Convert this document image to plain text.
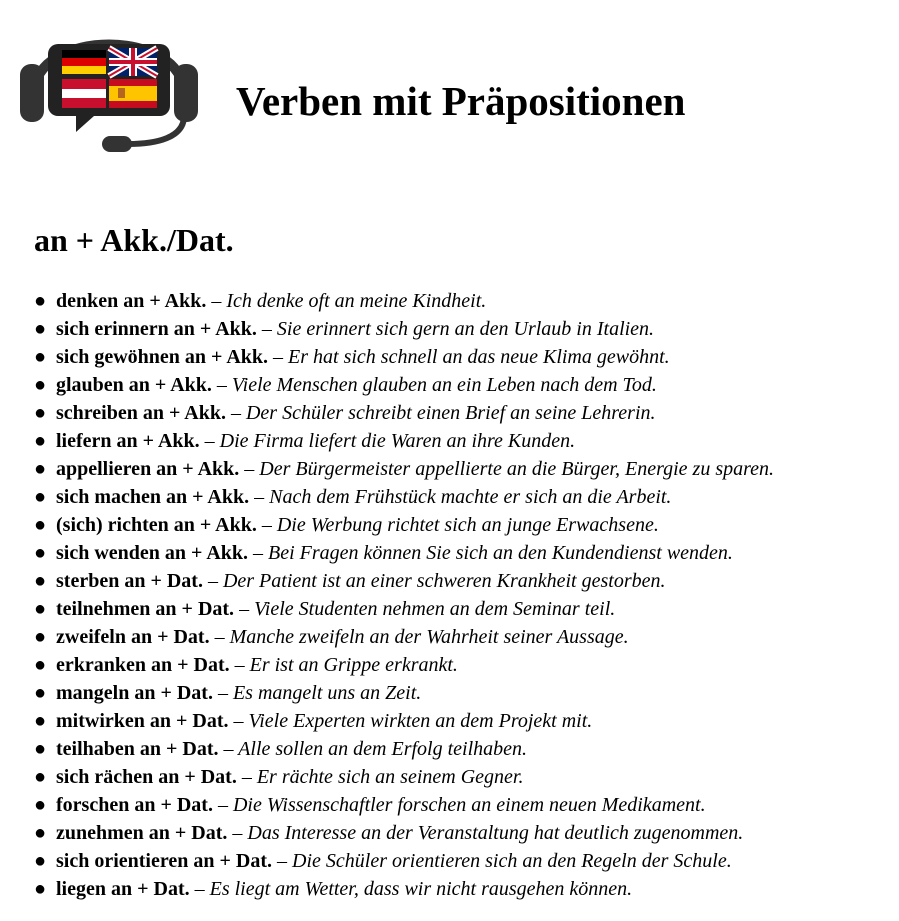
Verben mit Präpositionen
an + Akk./Dat.
● denken an + Akk. – Ich denke oft an meine Kindheit.
● sich erinnern an + Akk. – Sie erinnert sich gern an den Urlaub in Italien.
● sich gewöhnen an + Akk. – Er hat sich schnell an das neue Klima gewöhnt.
● glauben an + Akk. – Viele Menschen glauben an ein Leben nach dem Tod.
● schreiben an + Akk. – Der Schüler schreibt einen Brief an seine Lehrerin.
● liefern an + Akk. – Die Firma liefert die Waren an ihre Kunden.
● appellieren an + Akk. – Der Bürgermeister appellierte an die Bürger, Energie zu sparen.
● sich machen an + Akk. – Nach dem Frühstück machte er sich an die Arbeit.
● (sich) richten an + Akk. – Die Werbung richtet sich an junge Erwachsene.
● sich wenden an + Akk. – Bei Fragen können Sie sich an den Kundendienst wenden.
● sterben an + Dat. – Der Patient ist an einer schweren Krankheit gestorben.
● teilnehmen an + Dat. – Viele Studenten nehmen an dem Seminar teil.
● zweifeln an + Dat. – Manche zweifeln an der Wahrheit seiner Aussage.
● erkranken an + Dat. – Er ist an Grippe erkrankt.
● mangeln an + Dat. – Es mangelt uns an Zeit.
● mitwirken an + Dat. – Viele Experten wirkten an dem Projekt mit.
● teilhaben an + Dat. – Alle sollen an dem Erfolg teilhaben.
● sich rächen an + Dat. – Er rächte sich an seinem Gegner.
● forschen an + Dat. – Die Wissenschaftler forschen an einem neuen Medikament.
● zunehmen an + Dat. – Das Interesse an der Veranstaltung hat deutlich zugenommen.
● sich orientieren an + Dat. – Die Schüler orientieren sich an den Regeln der Schule.
● liegen an + Dat. – Es liegt am Wetter, dass wir nicht rausgehen können.
